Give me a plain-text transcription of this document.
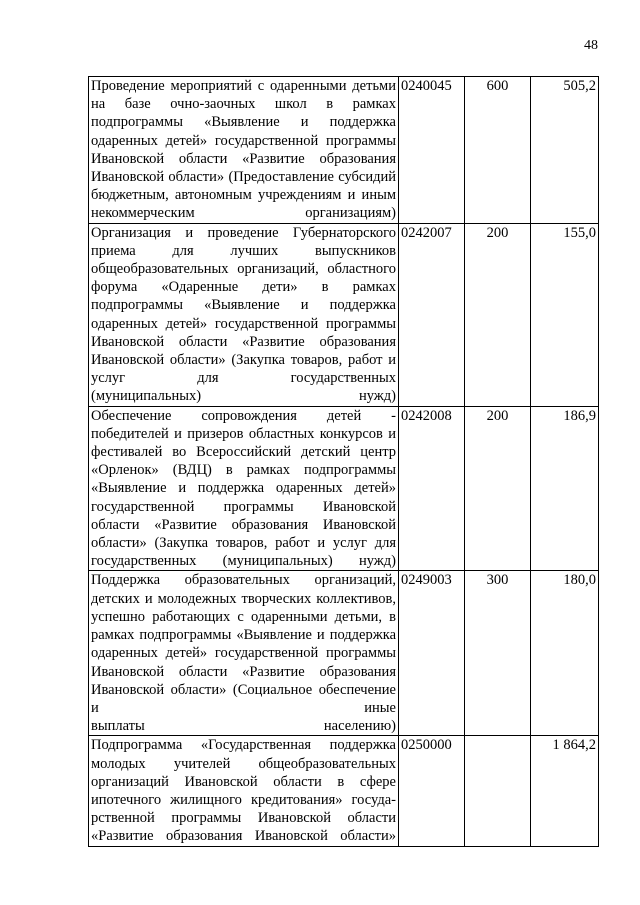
48
Проведение мероприятий с одаренными детьми на базе очно-заочных школ в рамках подпрограммы «Выявление и поддержка одаренных детей» государственной программы Ивановской области «Развитие образования Ивановской области» (Предоставление субсидий бюджетным, автономным учреждениям и иным
некоммерческим организациям)	0240045	600	505,2
Организация и проведение Губернаторского приема для лучших выпускников общеобразовательных организаций, областного форума «Одаренные дети» в рамках подпрограммы «Выявление и поддержка одаренных детей» государственной программы Ивановской области «Развитие образования Ивановской области» (Закупка товаров, работ и услуг для государственных
(муниципальных) нужд)	0242007	200	155,0
Обеспечение сопровождения детей - победителей и призеров областных конкурсов и фестивалей во Всероссийский детский центр «Орленок» (ВДЦ) в рамках подпрограммы «Выявление и поддержка одаренных детей» государственной программы Ивановской области «Развитие образования Ивановской области» (Закупка товаров, работ и услуг для
государственных (муниципальных) нужд)	0242008	200	186,9
Поддержка образовательных организаций, детских и молодежных творческих коллективов, успешно работающих с одаренными детьми, в рамках подпрограммы «Выявление и поддержка одаренных детей» государственной программы Ивановской области «Развитие образования Ивановской области» (Социальное обеспечение и иные
выплаты населению)	0249003	300	180,0
Подпрограмма «Государственная поддержка молодых учителей общеобразовательных организаций Ивановской области в сфере ипотечного жилищного кредитования» государственной программы Ивановской области
«Развитие образования Ивановской области»	0250000		1 864,2
